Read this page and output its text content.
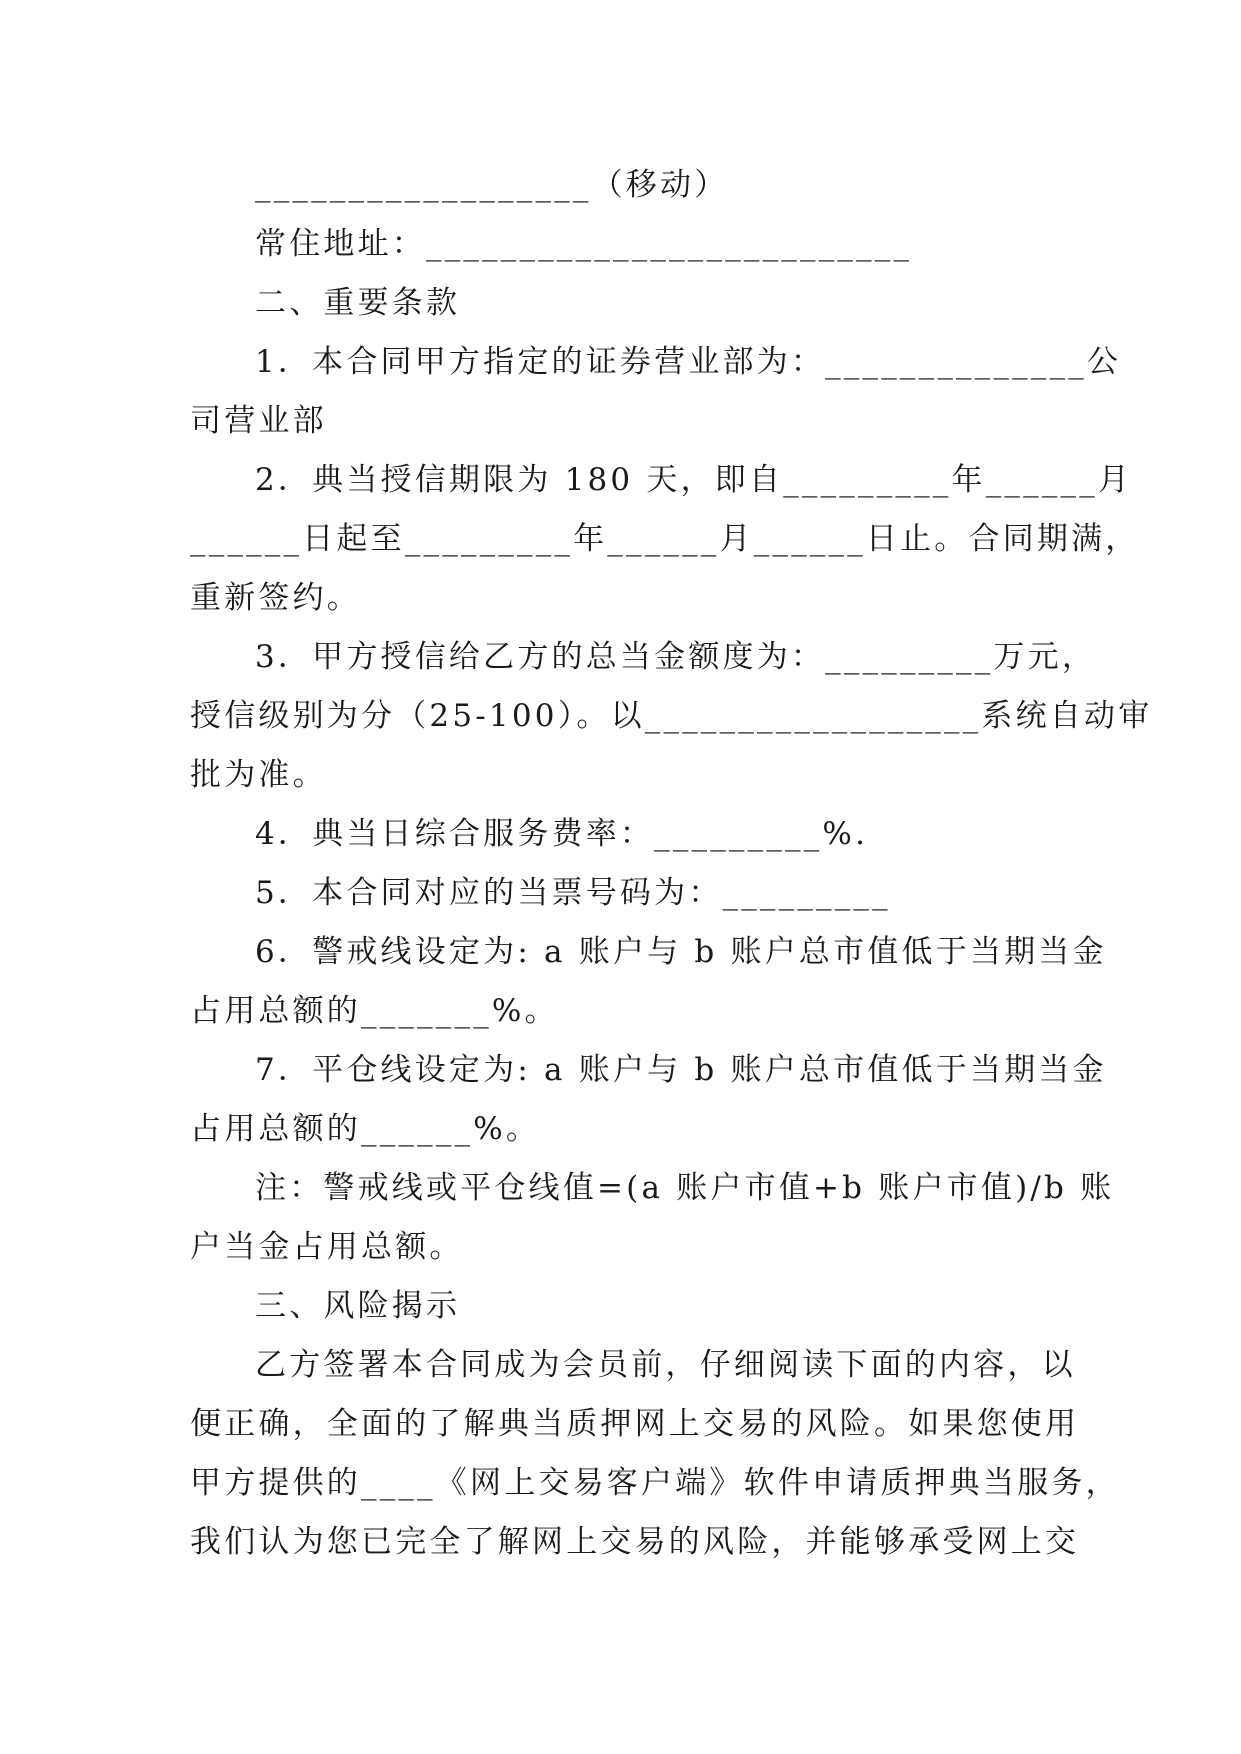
__________________（移动）
常住地址：__________________________
二、重要条款
1．本合同甲方指定的证券营业部为：______________公
司营业部
2．典当授信期限为 180 天，即自_________年______月
______日起至_________年______月______日止。合同期满，
重新签约。
3．甲方授信给乙方的总当金额度为：_________万元，
授信级别为分（25-100）。以__________________系统自动审
批为准。
4．典当日综合服务费率：_________%.
5．本合同对应的当票号码为：_________
6．警戒线设定为: a 账户与 b 账户总市值低于当期当金
占用总额的_______%。
7．平仓线设定为: a 账户与 b 账户总市值低于当期当金
占用总额的______%。
注：警戒线或平仓线值=(a 账户市值+b 账户市值)/b 账
户当金占用总额。
三、风险揭示
乙方签署本合同成为会员前，仔细阅读下面的内容，以
便正确，全面的了解典当质押网上交易的风险。如果您使用
甲方提供的____《网上交易客户端》软件申请质押典当服务，
我们认为您已完全了解网上交易的风险，并能够承受网上交
